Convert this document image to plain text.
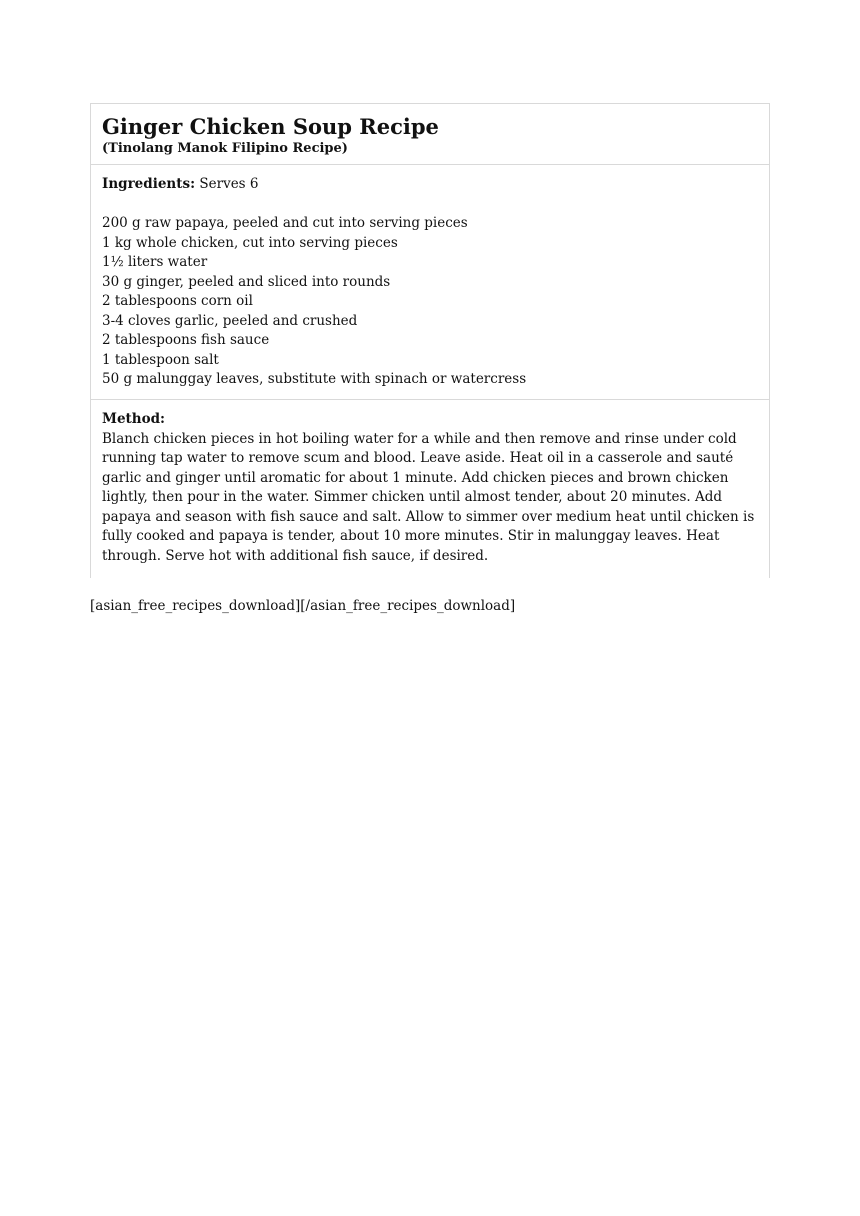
Ginger Chicken Soup Recipe
(Tinolang Manok Filipino Recipe)
Ingredients: Serves 6
200 g raw papaya, peeled and cut into serving pieces
1 kg whole chicken, cut into serving pieces
1½ liters water
30 g ginger, peeled and sliced into rounds
2 tablespoons corn oil
3-4 cloves garlic, peeled and crushed
2 tablespoons fish sauce
1 tablespoon salt
50 g malunggay leaves, substitute with spinach or watercress
Method:

Blanch chicken pieces in hot boiling water for a while and then remove and rinse under cold running tap water to remove scum and blood. Leave aside. Heat oil in a casserole and sauté garlic and ginger until aromatic for about 1 minute. Add chicken pieces and brown chicken lightly, then pour in the water. Simmer chicken until almost tender, about 20 minutes. Add papaya and season with fish sauce and salt. Allow to simmer over medium heat until chicken is fully cooked and papaya is tender, about 10 more minutes. Stir in malunggay leaves. Heat through. Serve hot with additional fish sauce, if desired.

[asian_free_recipes_download][/asian_free_recipes_download]
